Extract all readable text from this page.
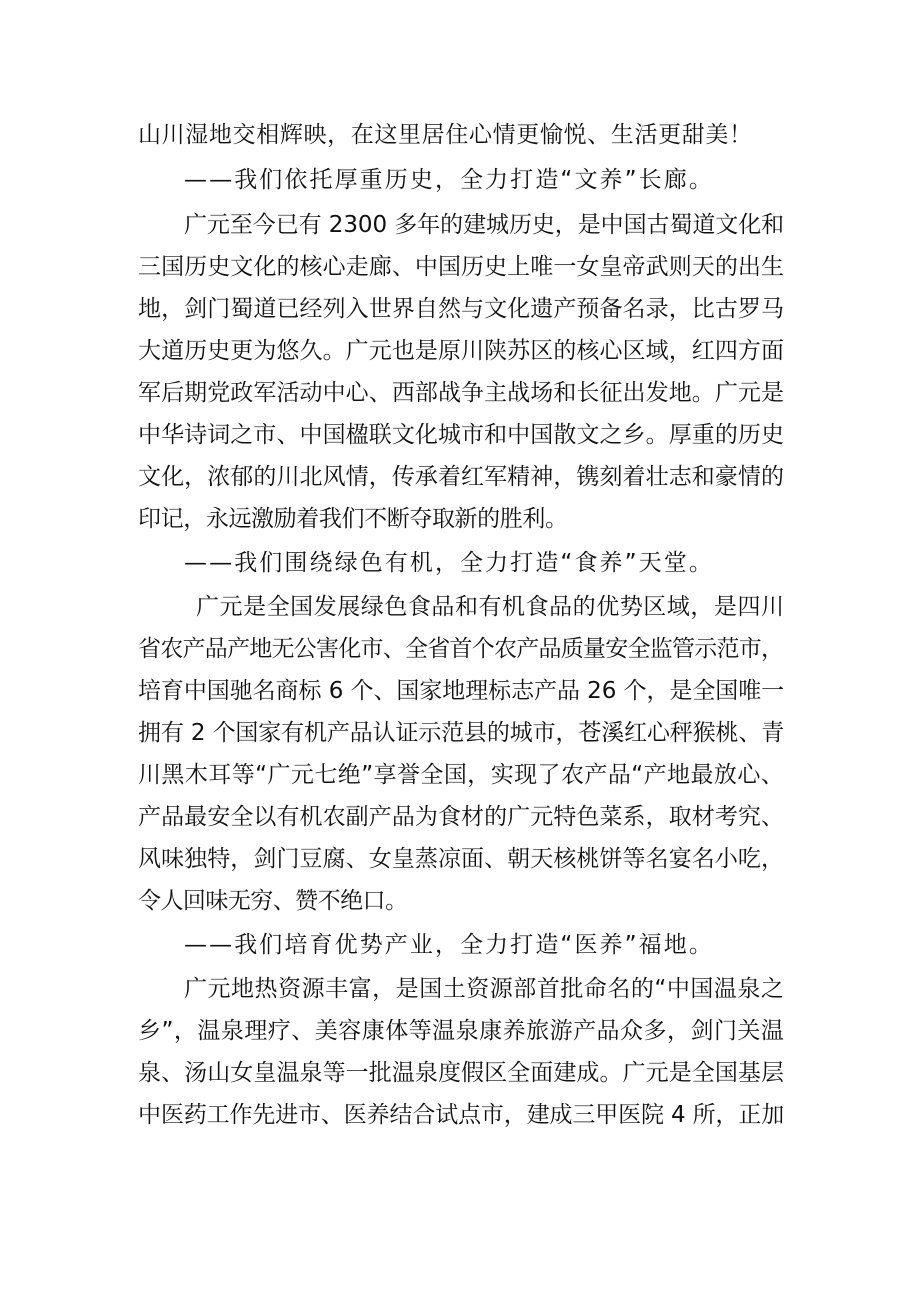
山川湿地交相辉映，在这里居住心情更愉悦、生活更甜美！
——我们依托厚重历史，全力打造“文养”长廊。
广元至今已有 2300 多年的建城历史，是中国古蜀道文化和
三国历史文化的核心走廊、中国历史上唯一女皇帝武则天的出生
地，剑门蜀道已经列入世界自然与文化遗产预备名录，比古罗马
大道历史更为悠久。广元也是原川陕苏区的核心区域，红四方面
军后期党政军活动中心、西部战争主战场和长征出发地。广元是
中华诗词之市、中国楹联文化城市和中国散文之乡。厚重的历史
文化，浓郁的川北风情，传承着红军精神，镌刻着壮志和豪情的
印记，永远激励着我们不断夺取新的胜利。
——我们围绕绿色有机，全力打造“食养”天堂。
广元是全国发展绿色食品和有机食品的优势区域，是四川
省农产品产地无公害化市、全省首个农产品质量安全监管示范市，
培育中国驰名商标 6 个、国家地理标志产品 26 个，是全国唯一
拥有 2 个国家有机产品认证示范县的城市，苍溪红心秤猴桃、青
川黑木耳等“广元七绝”享誉全国，实现了农产品“产地最放心、
产品最安全以有机农副产品为食材的广元特色菜系，取材考究、
风味独特，剑门豆腐、女皇蒸凉面、朝天核桃饼等名宴名小吃，
令人回味无穷、赞不绝口。
——我们培育优势产业，全力打造“医养”福地。
广元地热资源丰富，是国土资源部首批命名的“中国温泉之
乡”，温泉理疗、美容康体等温泉康养旅游产品众多，剑门关温
泉、汤山女皇温泉等一批温泉度假区全面建成。广元是全国基层
中医药工作先进市、医养结合试点市，建成三甲医院 4 所，正加
